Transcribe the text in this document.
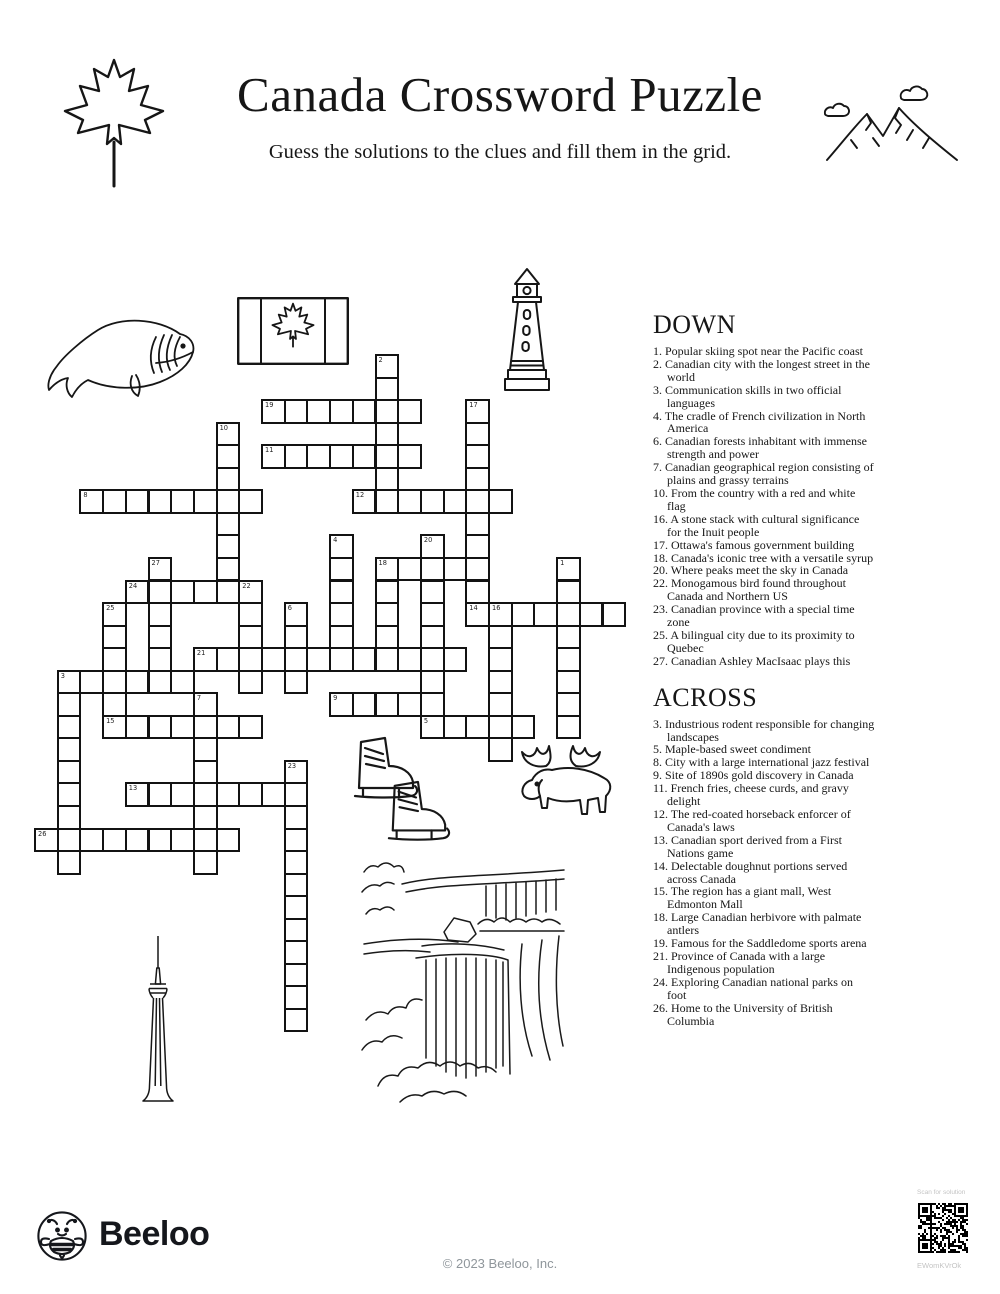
Canada Crossword Puzzle
Guess the solutions to the clues and fill them in the grid.
DOWN
1. Popular skiing spot near the Pacific coast
2. Canadian city with the longest street in the world
3. Communication skills in two official languages
4. The cradle of French civilization in North America
6. Canadian forests inhabitant with immense strength and power
7. Canadian geographical region consisting of plains and grassy terrains
10. From the country with a red and white flag
16. A stone stack with cultural significance for the Inuit people
17. Ottawa's famous government building
18. Canada's iconic tree with a versatile syrup
20. Where peaks meet the sky in Canada
22. Monogamous bird found throughout Canada and Northern US
23. Canadian province with a special time zone
25. A bilingual city due to its proximity to Quebec
27. Canadian Ashley MacIsaac plays this
ACROSS
3. Industrious rodent responsible for changing landscapes
5. Maple-based sweet condiment
8. City with a large international jazz festival
9. Site of 1890s gold discovery in Canada
11. French fries, cheese curds, and gravy delight
12. The red-coated horseback enforcer of Canada's laws
13. Canadian sport derived from a First Nations game
14. Delectable doughnut portions served across Canada
15. The region has a giant mall, West Edmonton Mall
18. Large Canadian herbivore with palmate antlers
19. Famous for the Saddledome sports arena
21. Province of Canada with a large Indigenous population
24. Exploring Canadian national parks on foot
26. Home to the University of British Columbia
3
5
8
9
11
12
13
14 16
15
18
19
21
24	22
26
1
2
4
6
7
10
17
20
23
25
27
Beeloo
© 2023 Beeloo, Inc.
Scan for solution
EWomKVrOk
